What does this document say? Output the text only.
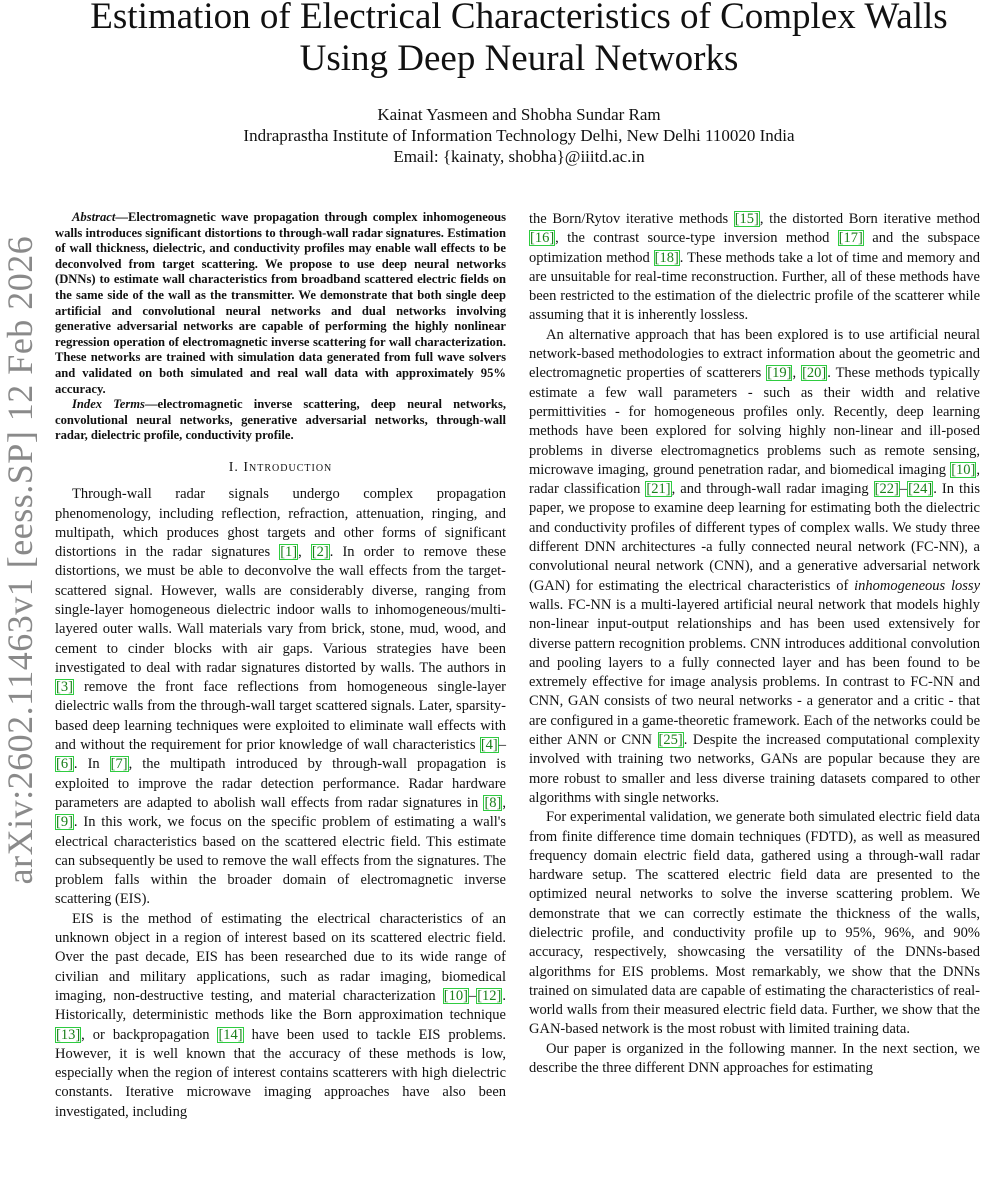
arXiv:2602.11463v1 [eess.SP] 12 Feb 2026
Estimation of Electrical Characteristics of Complex Walls
Using Deep Neural Networks
Kainat Yasmeen and Shobha Sundar Ram
Indraprastha Institute of Information Technology Delhi, New Delhi 110020 India
Email: {kainaty, shobha}@iiitd.ac.in

Abstract—Electromagnetic wave propagation through complex inhomogeneous walls introduces significant distortions to through-wall radar signatures. Estimation of wall thickness, dielectric, and conductivity profiles may enable wall effects to be deconvolved from target scattering. We propose to use deep neural networks (DNNs) to estimate wall characteristics from broadband scattered electric fields on the same side of the wall as the transmitter. We demonstrate that both single deep artificial and convolutional neural networks and dual networks involving generative adversarial networks are capable of performing the highly nonlinear regression operation of electromagnetic inverse scattering for wall characterization. These networks are trained with simulation data generated from full wave solvers and validated on both simulated and real wall data with approximately 95% accuracy.

Index Terms—electromagnetic inverse scattering, deep neural networks, convolutional neural networks, generative adversarial networks, through-wall radar, dielectric profile, conductivity profile.

I. Introduction

Through-wall radar signals undergo complex propagation phenomenology, including reflection, refraction, attenuation, ringing, and multipath, which produces ghost targets and other forms of significant distortions in the radar signatures [1], [2]. In order to remove these distortions, we must be able to deconvolve the wall effects from the target-scattered signal. However, walls are considerably diverse, ranging from single-layer homogeneous dielectric indoor walls to inhomogeneous/multi-layered outer walls. Wall materials vary from brick, stone, mud, wood, and cement to cinder blocks with air gaps. Various strategies have been investigated to deal with radar signatures distorted by walls. The authors in [3] remove the front face reflections from homogeneous single-layer dielectric walls from the through-wall target scattered signals. Later, sparsity-based deep learning techniques were exploited to eliminate wall effects with and without the requirement for prior knowledge of wall characteristics [4]–[6]. In [7], the multipath introduced by through-wall propagation is exploited to improve the radar detection performance. Radar hardware parameters are adapted to abolish wall effects from radar signatures in [8], [9]. In this work, we focus on the specific problem of estimating a wall's electrical characteristics based on the scattered electric field. This estimate can subsequently be used to remove the wall effects from the signatures. The problem falls within the broader domain of electromagnetic inverse scattering (EIS).

EIS is the method of estimating the electrical characteristics of an unknown object in a region of interest based on its scattered electric field. Over the past decade, EIS has been researched due to its wide range of civilian and military applications, such as radar imaging, biomedical imaging, non-destructive testing, and material characterization [10]–[12]. Historically, deterministic methods like the Born approximation technique [13], or backpropagation [14] have been used to tackle EIS problems. However, it is well known that the accuracy of these methods is low, especially when the region of interest contains scatterers with high dielectric constants. Iterative microwave imaging approaches have also been investigated, including

the Born/Rytov iterative methods [15], the distorted Born iterative method [16], the contrast source-type inversion method [17] and the subspace optimization method [18]. These methods take a lot of time and memory and are unsuitable for real-time reconstruction. Further, all of these methods have been restricted to the estimation of the dielectric profile of the scatterer while assuming that it is inherently lossless.

An alternative approach that has been explored is to use artificial neural network-based methodologies to extract information about the geometric and electromagnetic properties of scatterers [19], [20]. These methods typically estimate a few wall parameters - such as their width and relative permittivities - for homogeneous profiles only. Recently, deep learning methods have been explored for solving highly non-linear and ill-posed problems in diverse electromagnetics problems such as remote sensing, microwave imaging, ground penetration radar, and biomedical imaging [10], radar classification [21], and through-wall radar imaging [22]–[24]. In this paper, we propose to examine deep learning for estimating both the dielectric and conductivity profiles of different types of complex walls. We study three different DNN architectures -a fully connected neural network (FC-NN), a convolutional neural network (CNN), and a generative adversarial network (GAN) for estimating the electrical characteristics of inhomogeneous lossy walls. FC-NN is a multi-layered artificial neural network that models highly non-linear input-output relationships and has been used extensively for diverse pattern recognition problems. CNN introduces additional convolution and pooling layers to a fully connected layer and has been found to be extremely effective for image analysis problems. In contrast to FC-NN and CNN, GAN consists of two neural networks - a generator and a critic - that are configured in a game-theoretic framework. Each of the networks could be either ANN or CNN [25]. Despite the increased computational complexity involved with training two networks, GANs are popular because they are more robust to smaller and less diverse training datasets compared to other algorithms with single networks.

For experimental validation, we generate both simulated electric field data from finite difference time domain techniques (FDTD), as well as measured frequency domain electric field data, gathered using a through-wall radar hardware setup. The scattered electric field data are presented to the optimized neural networks to solve the inverse scattering problem. We demonstrate that we can correctly estimate the thickness of the walls, dielectric profile, and conductivity profile up to 95%, 96%, and 90% accuracy, respectively, showcasing the versatility of the DNNs-based algorithms for EIS problems. Most remarkably, we show that the DNNs trained on simulated data are capable of estimating the characteristics of real-world walls from their measured electric field data. Further, we show that the GAN-based network is the most robust with limited training data.

Our paper is organized in the following manner. In the next section, we describe the three different DNN approaches for estimating
